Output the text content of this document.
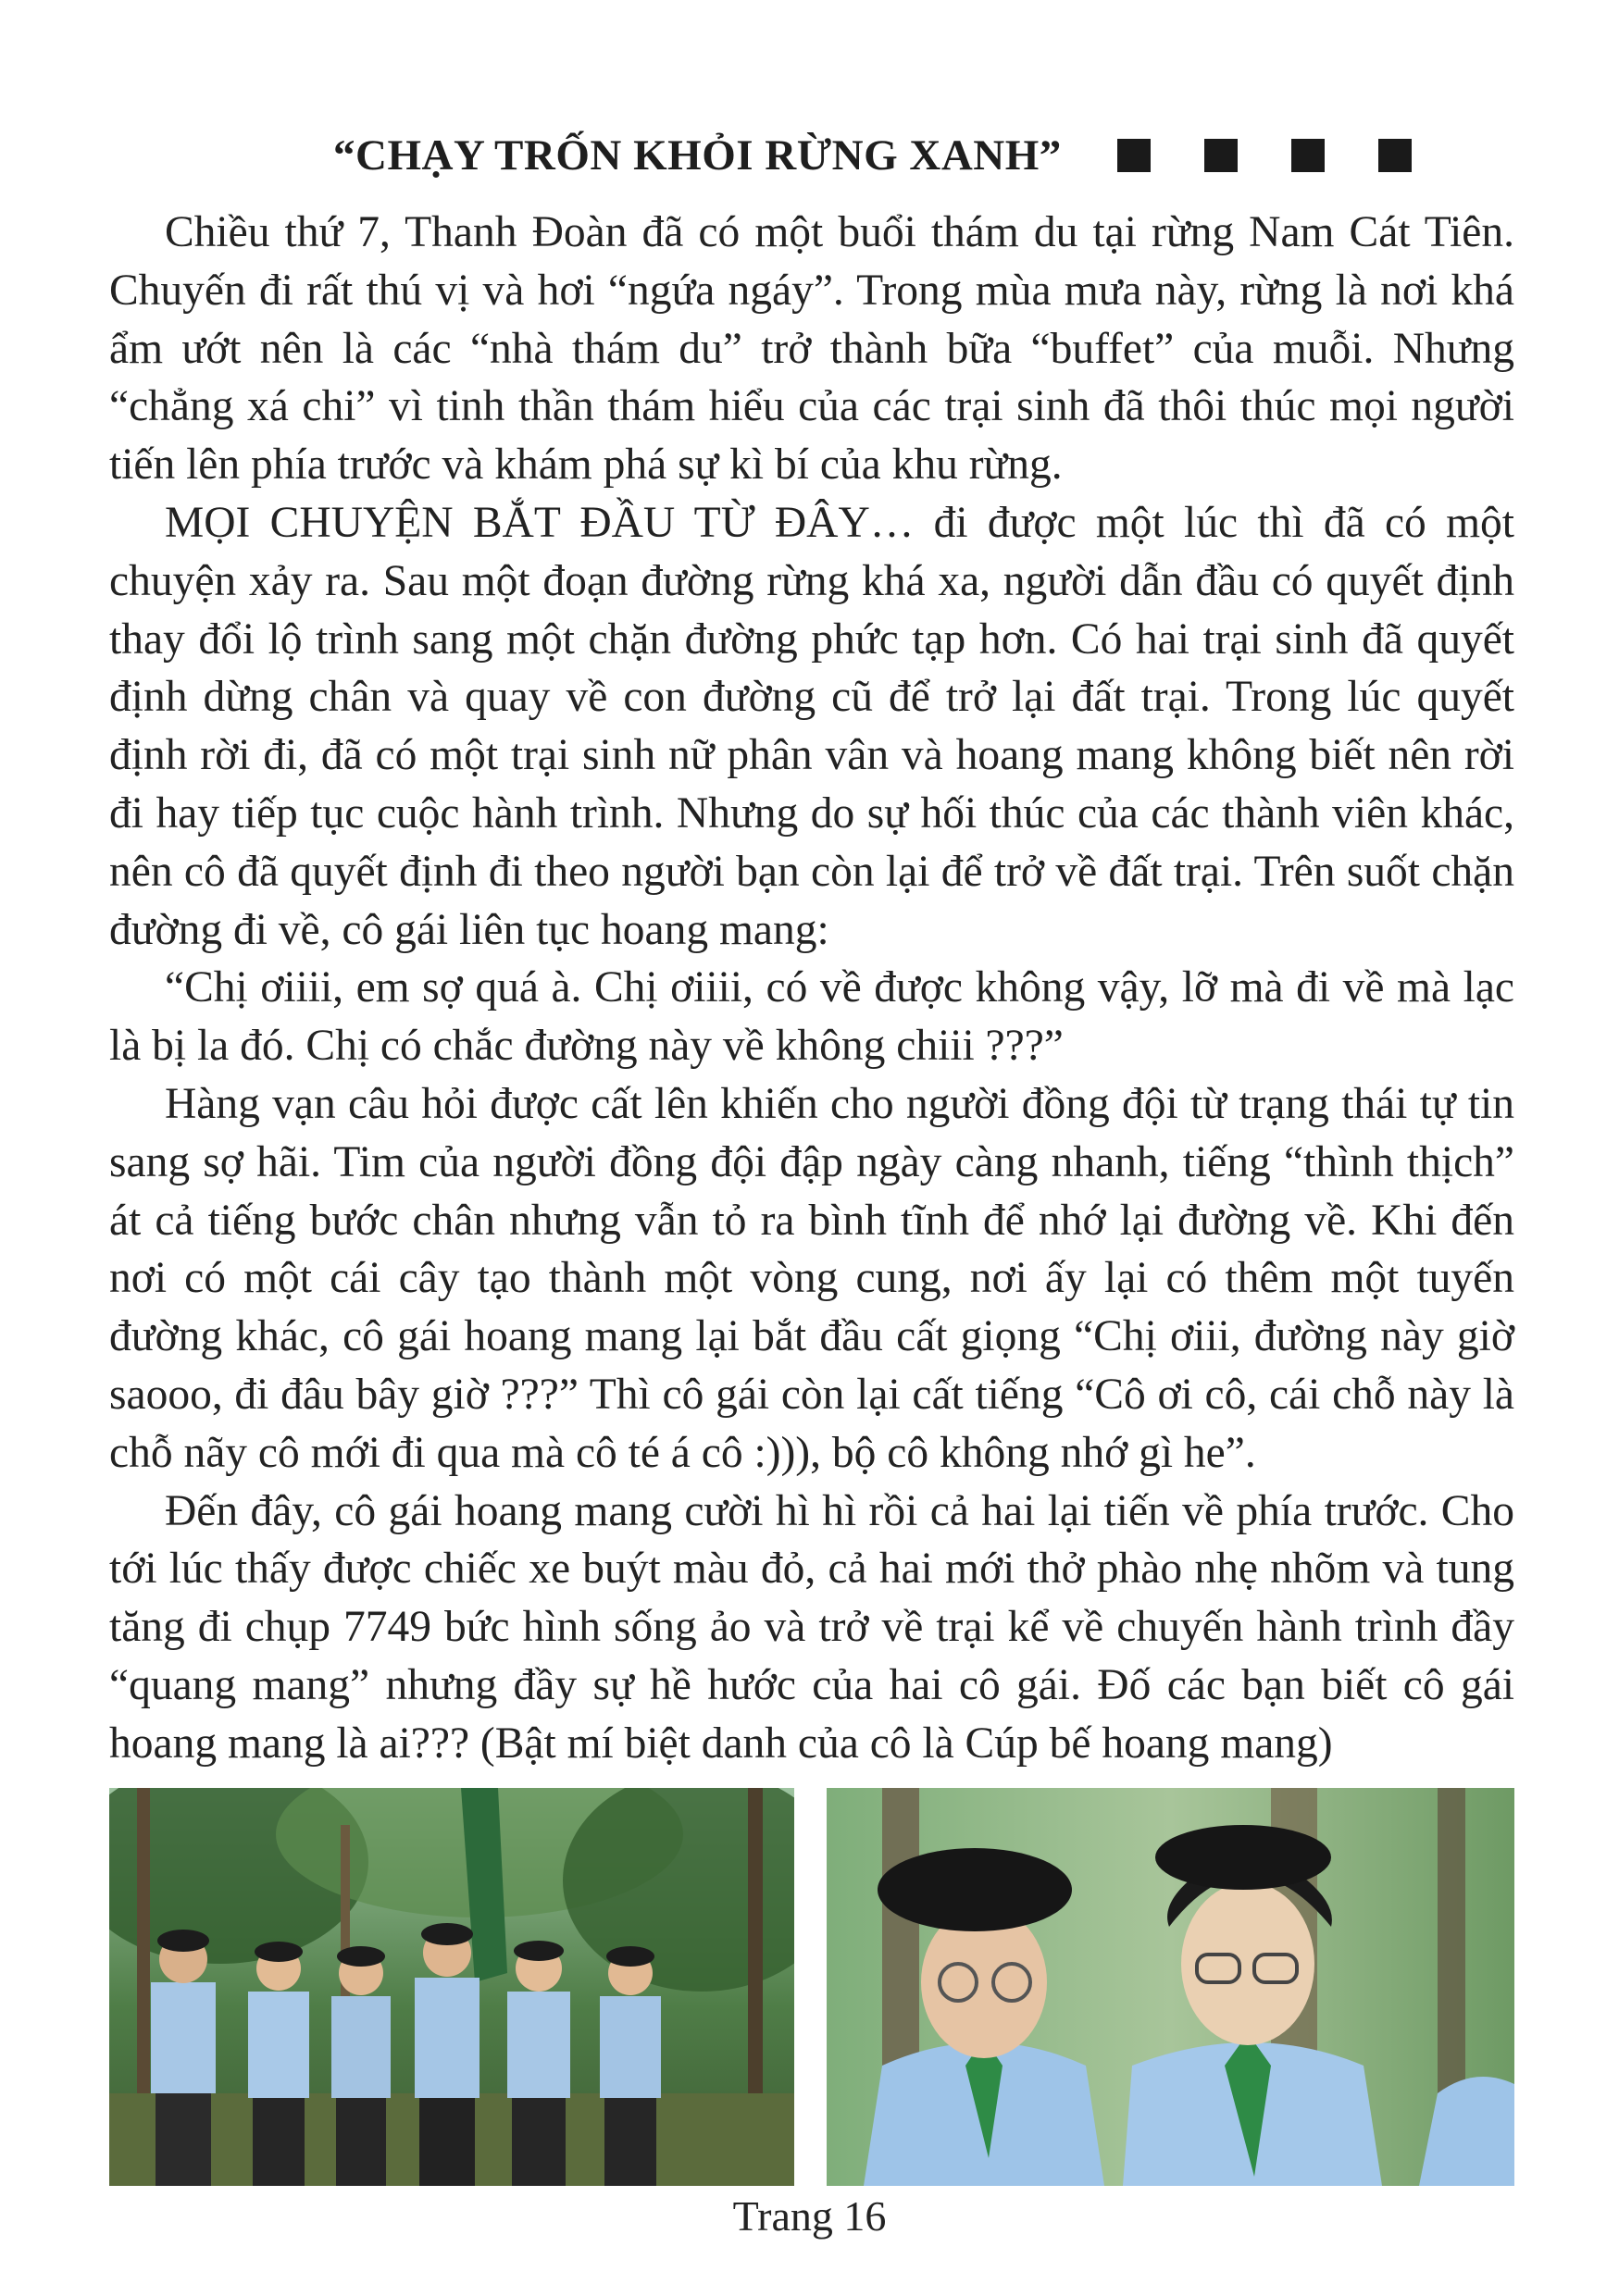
“CHẠY TRỐN KHỎI RỪNG XANH”

Chiều thứ 7, Thanh Đoàn đã có một buổi thám du tại rừng Nam Cát Tiên. Chuyến đi rất thú vị và hơi “ngứa ngáy”. Trong mùa mưa này, rừng là nơi khá ẩm ướt nên là các “nhà thám du” trở thành bữa “buffet” của muỗi. Nhưng “chẳng xá chi” vì tinh thần thám hiểu của các trại sinh đã thôi thúc mọi người tiến lên phía trước và khám phá sự kì bí của khu rừng.

MỌI CHUYỆN BẮT ĐẦU TỪ ĐÂY… đi được một lúc thì đã có một chuyện xảy ra. Sau một đoạn đường rừng khá xa, người dẫn đầu có quyết định thay đổi lộ trình sang một chặn đường phức tạp hơn. Có hai trại sinh đã quyết định dừng chân và quay về con đường cũ để trở lại đất trại. Trong lúc quyết định rời đi, đã có một trại sinh nữ phân vân và hoang mang không biết nên rời đi hay tiếp tục cuộc hành trình. Nhưng do sự hối thúc của các thành viên khác, nên cô đã quyết định đi theo người bạn còn lại để trở về đất trại. Trên suốt chặn đường đi về, cô gái liên tục hoang mang:

“Chị ơiiii, em sợ quá à. Chị ơiiii, có về được không vậy, lỡ mà đi về mà lạc là bị la đó. Chị có chắc đường này về không chiii ???”

Hàng vạn câu hỏi được cất lên khiến cho người đồng đội từ trạng thái tự tin sang sợ hãi. Tim của người đồng đội đập ngày càng nhanh, tiếng “thình thịch” át cả tiếng bước chân nhưng vẫn tỏ ra bình tĩnh để nhớ lại đường về. Khi đến nơi có một cái cây tạo thành một vòng cung, nơi ấy lại có thêm một tuyến đường khác, cô gái hoang mang lại bắt đầu cất giọng “Chị ơiii, đường này giờ saooo, đi đâu bây giờ ???” Thì cô gái còn lại cất tiếng “Cô ơi cô, cái chỗ này là chỗ nãy cô mới đi qua mà cô té á cô :))), bộ cô không nhớ gì he”.

Đến đây, cô gái hoang mang cười hì hì rồi cả hai lại tiến về phía trước. Cho tới lúc thấy được chiếc xe buýt màu đỏ, cả hai mới thở phào nhẹ nhõm và tung tăng đi chụp 7749 bức hình sống ảo và trở về trại kể về chuyến hành trình đầy “quang mang” nhưng đầy sự hề hước của hai cô gái. Đố các bạn biết cô gái hoang mang là ai??? (Bật mí biệt danh của cô là Cúp bế hoang mang)

Trang 16
